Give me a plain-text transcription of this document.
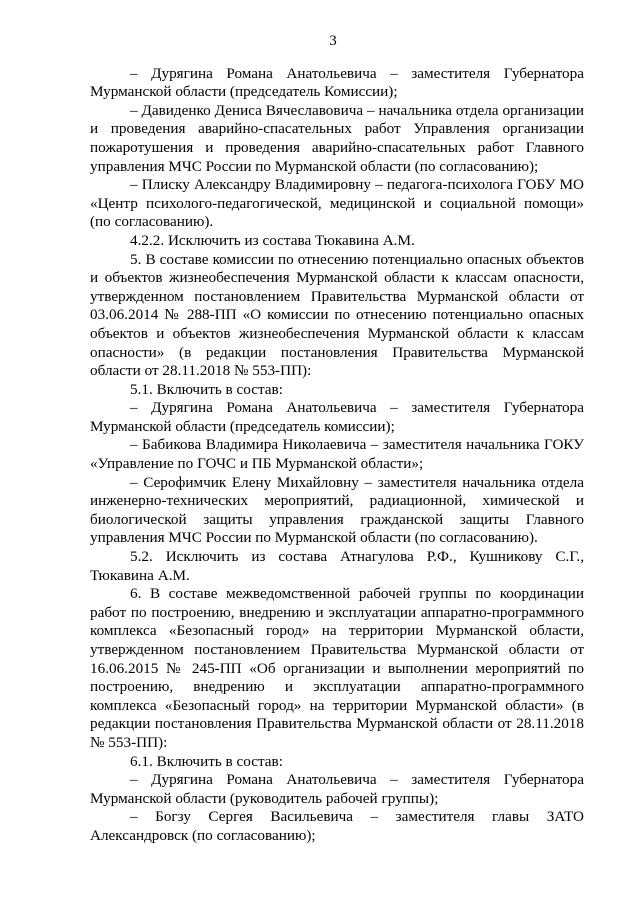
3

– Дурягина Романа Анатольевича – заместителя Губернатора Мурманской области (председатель Комиссии);

– Давиденко Дениса Вячеславовича – начальника отдела организации и проведения аварийно-спасательных работ Управления организации пожаротушения и проведения аварийно-спасательных работ Главного управления МЧС России по Мурманской области (по согласованию);

– Плиску Александру Владимировну – педагога-психолога ГОБУ МО «Центр психолого-педагогической, медицинской и социальной помощи» (по согласованию).

4.2.2. Исключить из состава Тюкавина А.М.

5. В составе комиссии по отнесению потенциально опасных объектов и объектов жизнеобеспечения Мурманской области к классам опасности, утвержденном постановлением Правительства Мурманской области от 03.06.2014 № 288-ПП «О комиссии по отнесению потенциально опасных объектов и объектов жизнеобеспечения Мурманской области к классам опасности» (в редакции постановления Правительства Мурманской области от 28.11.2018 № 553-ПП):

5.1. Включить в состав:

– Дурягина Романа Анатольевича – заместителя Губернатора Мурманской области (председатель комиссии);

– Бабикова Владимира Николаевича – заместителя начальника ГОКУ «Управление по ГОЧС и ПБ Мурманской области»;

– Серофимчик Елену Михайловну – заместителя начальника отдела инженерно-технических мероприятий, радиационной, химической и биологической защиты управления гражданской защиты Главного управления МЧС России по Мурманской области (по согласованию).

5.2. Исключить из состава Атнагулова Р.Ф., Кушникову С.Г., Тюкавина А.М.

6. В составе межведомственной рабочей группы по координации работ по построению, внедрению и эксплуатации аппаратно-программного комплекса «Безопасный город» на территории Мурманской области, утвержденном постановлением Правительства Мурманской области от 16.06.2015 № 245-ПП «Об организации и выполнении мероприятий по построению, внедрению и эксплуатации аппаратно-программного комплекса «Безопасный город» на территории Мурманской области» (в редакции постановления Правительства Мурманской области от 28.11.2018 № 553-ПП):

6.1. Включить в состав:

– Дурягина Романа Анатольевича – заместителя Губернатора Мурманской области (руководитель рабочей группы);

– Богзу Сергея Васильевича – заместителя главы ЗАТО Александровск (по согласованию);
